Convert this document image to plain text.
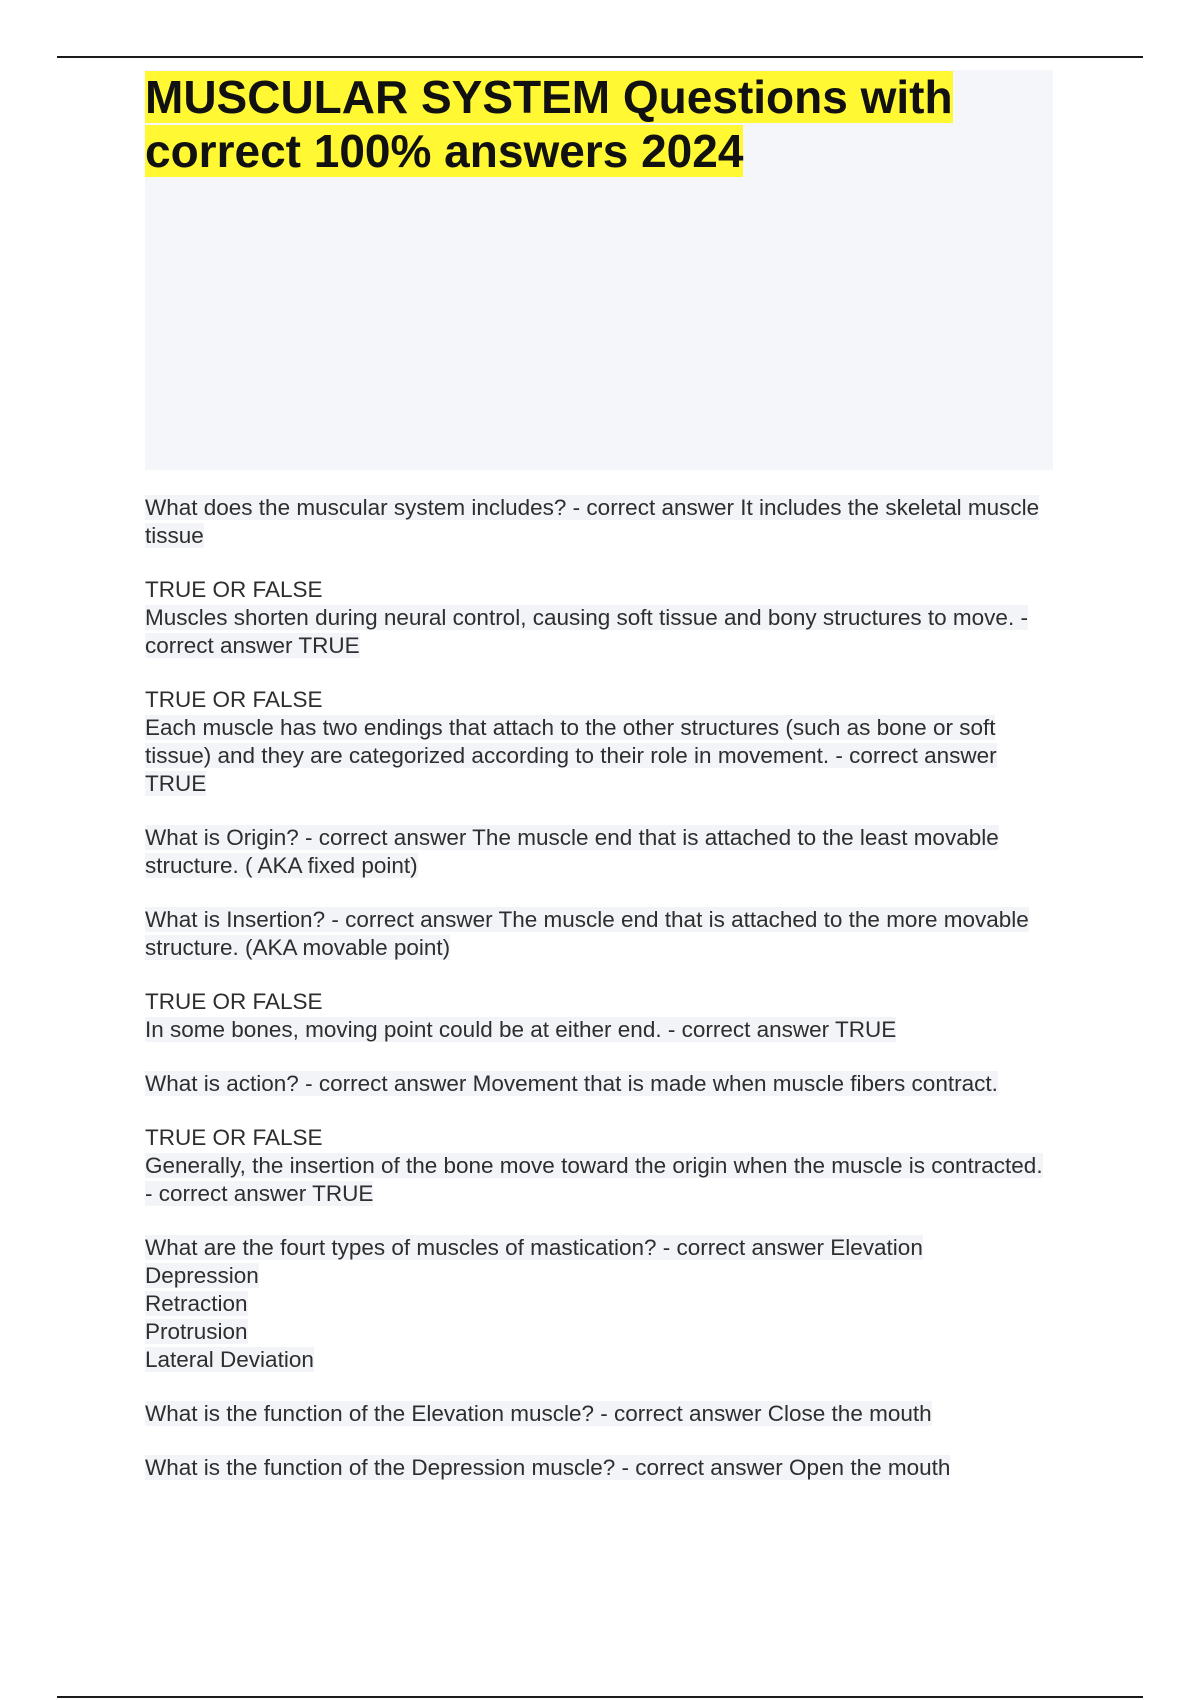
MUSCULAR SYSTEM Questions with correct 100% answers 2024

What does the muscular system includes? - correct answer It includes the skeletal muscle tissue

TRUE OR FALSE
Muscles shorten during neural control, causing soft tissue and bony structures to move. - correct answer TRUE

TRUE OR FALSE
Each muscle has two endings that attach to the other structures (such as bone or soft tissue) and they are categorized according to their role in movement. - correct answer TRUE

What is Origin? - correct answer The muscle end that is attached to the least movable structure. ( AKA fixed point)

What is Insertion? - correct answer The muscle end that is attached to the more movable structure. (AKA movable point)

TRUE OR FALSE
In some bones, moving point could be at either end. - correct answer TRUE

What is action? - correct answer Movement that is made when muscle fibers contract.

TRUE OR FALSE
Generally, the insertion of the bone move toward the origin when the muscle is contracted. - correct answer TRUE

What are the fourt types of muscles of mastication? - correct answer Elevation
Depression
Retraction
Protrusion
Lateral Deviation

What is the function of the Elevation muscle? - correct answer Close the mouth

What is the function of the Depression muscle? - correct answer Open the mouth
